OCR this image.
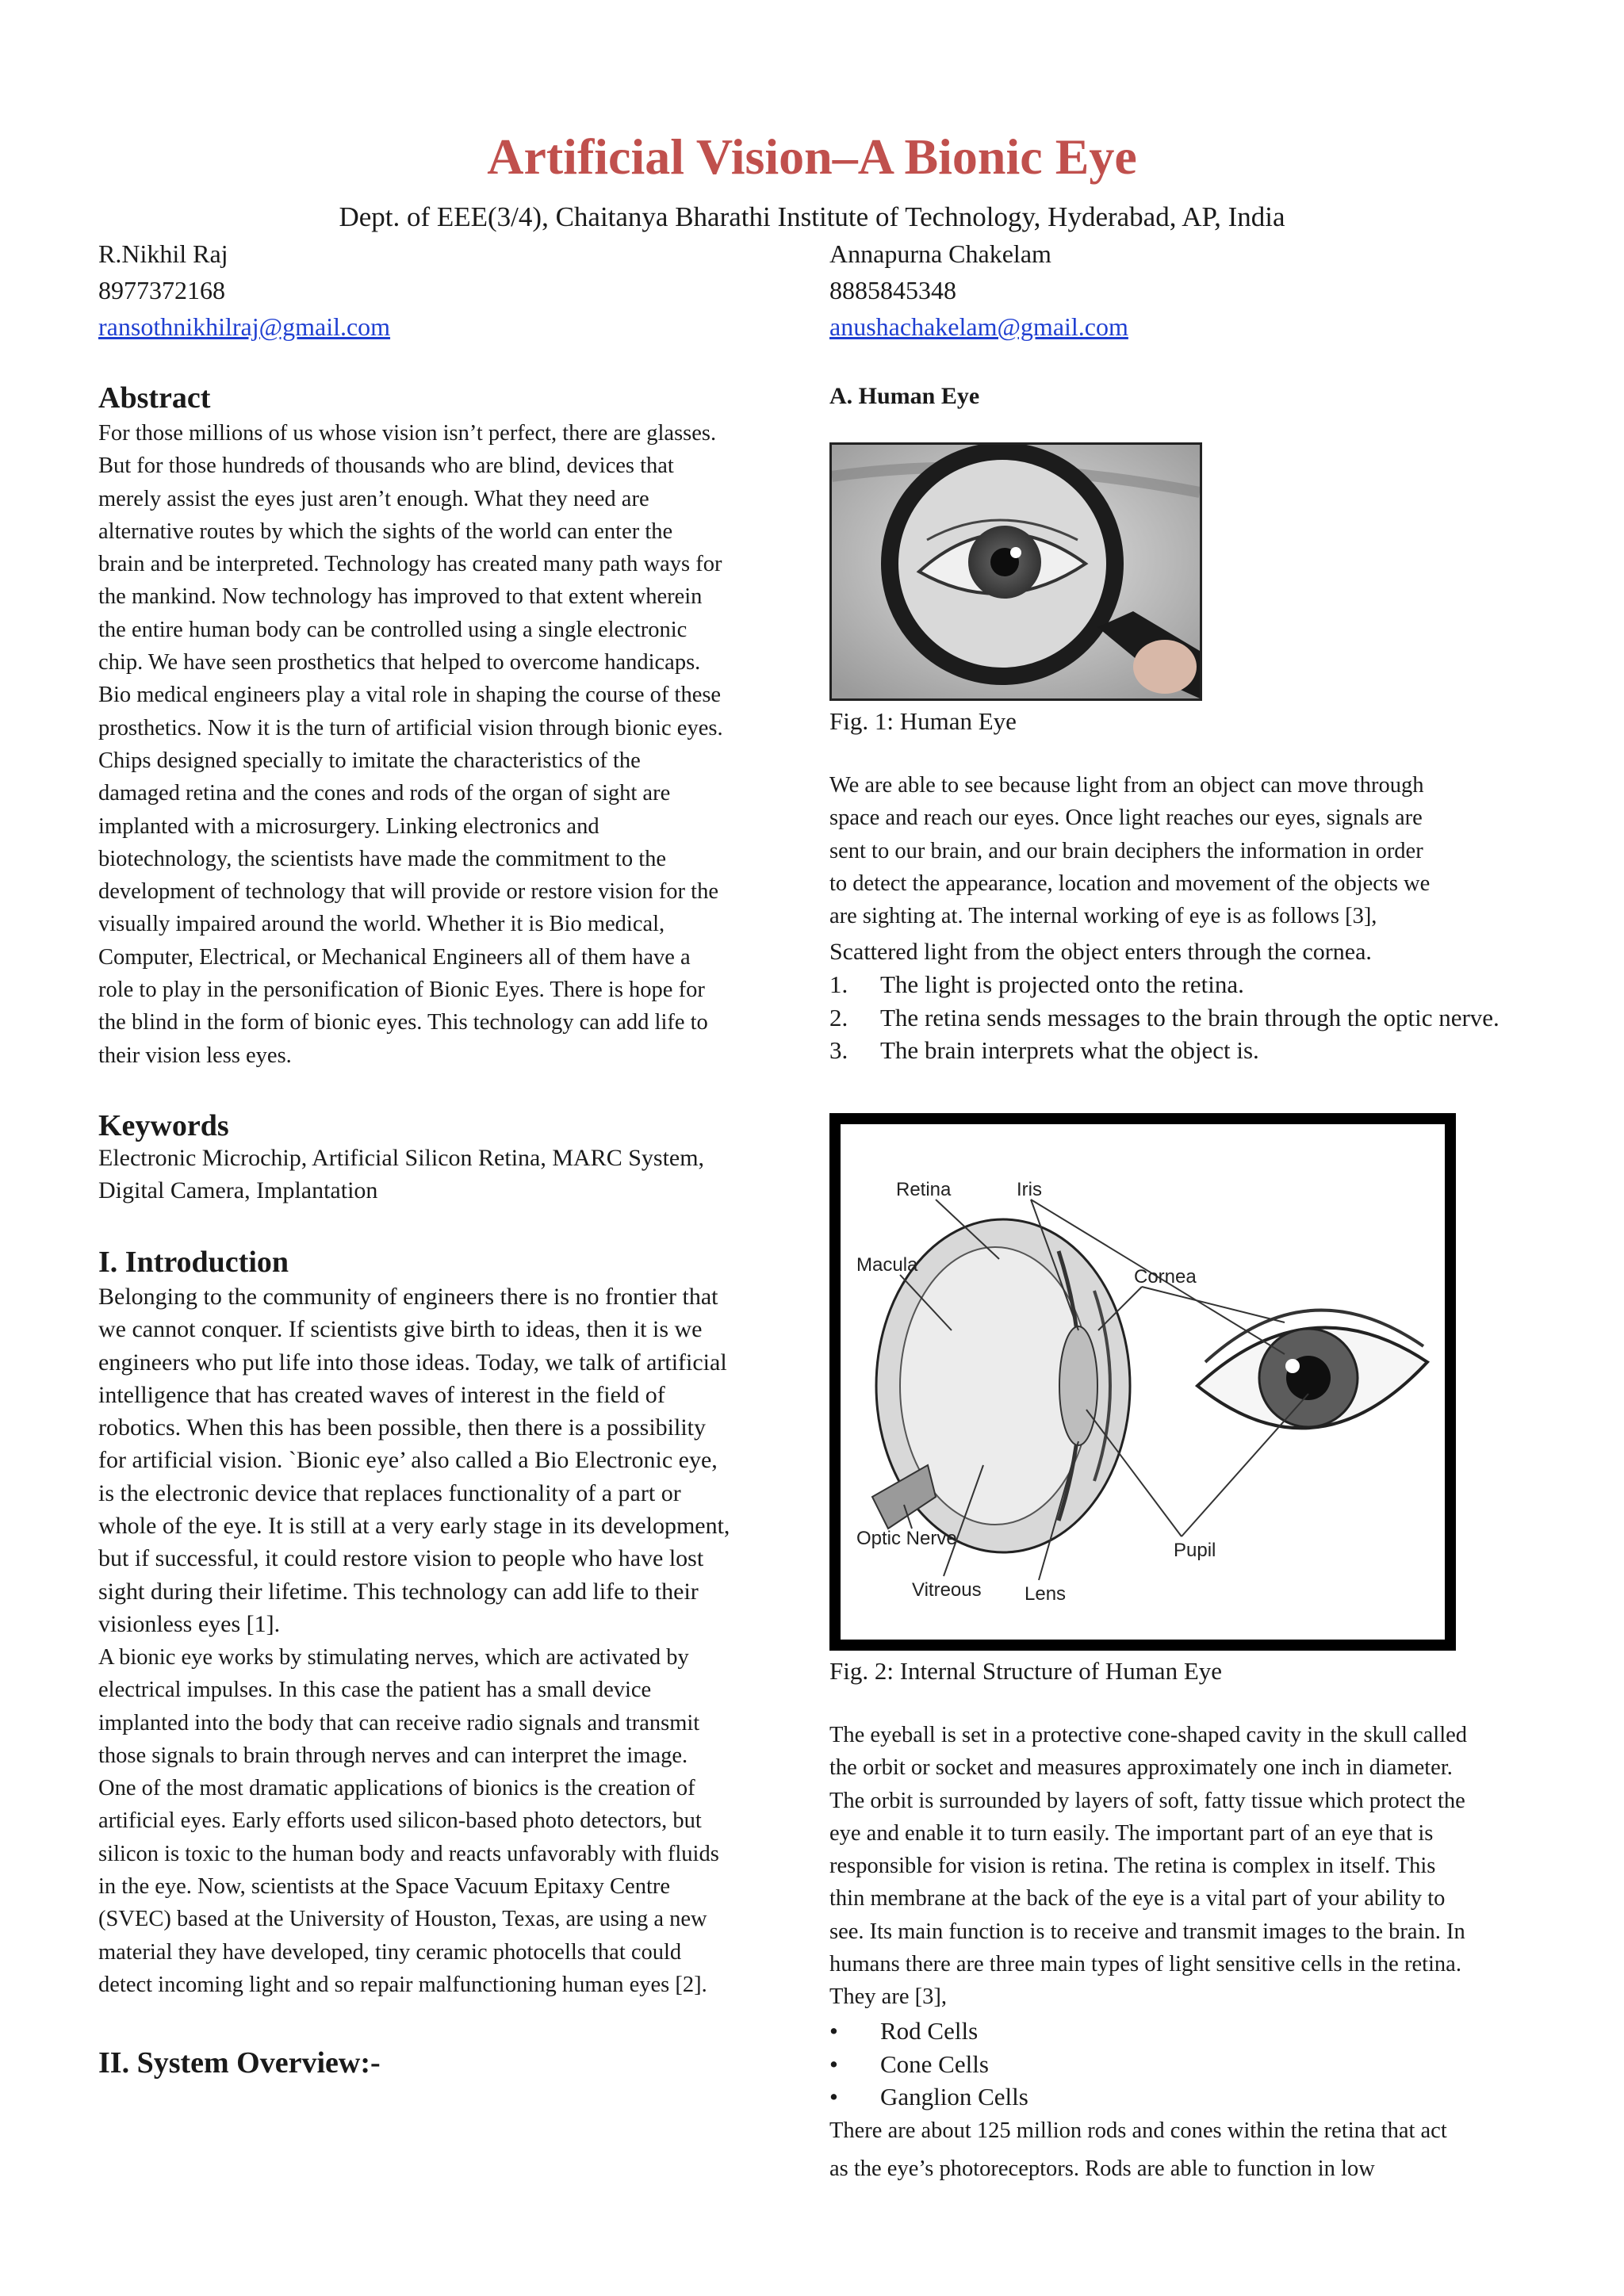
Artificial Vision–A Bionic Eye
Dept. of EEE(3/4), Chaitanya Bharathi Institute of Technology, Hyderabad, AP, India
R.Nikhil Raj
8977372168
ransothnikhilraj@gmail.com
Annapurna Chakelam
8885845348
anushachakelam@gmail.com
Abstract
For those millions of us whose vision isn’t perfect, there are glasses.
But for those hundreds of thousands who are blind, devices that
merely assist the eyes just aren’t enough. What they need are
alternative routes by which the sights of the world can enter the
brain and be interpreted. Technology has created many path ways for
the mankind. Now technology has improved to that extent wherein
the entire human body can be controlled using a single electronic
chip. We have seen prosthetics that helped to overcome handicaps.
Bio medical engineers play a vital role in shaping the course of these
prosthetics. Now it is the turn of artificial vision through bionic eyes.
Chips designed specially to imitate the characteristics of the
damaged retina and the cones and rods of the organ of sight are
implanted with a microsurgery. Linking electronics and
biotechnology, the scientists have made the commitment to the
development of technology that will provide or restore vision for the
visually impaired around the world. Whether it is Bio medical,
Computer, Electrical, or Mechanical Engineers all of them have a
role to play in the personification of Bionic Eyes. There is hope for
the blind in the form of bionic eyes. This technology can add life to
their vision less eyes.
Keywords
Electronic Microchip, Artificial Silicon Retina, MARC System,
Digital Camera, Implantation
I. Introduction
Belonging to the community of engineers there is no frontier that
we cannot conquer. If scientists give birth to ideas, then it is we
engineers who put life into those ideas. Today, we talk of artificial
intelligence that has created waves of interest in the field of
robotics. When this has been possible, then there is a possibility
for artificial vision. `Bionic eye’ also called a Bio Electronic eye,
is the electronic device that replaces functionality of a part or
whole of the eye. It is still at a very early stage in its development,
but if successful, it could restore vision to people who have lost
sight during their lifetime. This technology can add life to their
visionless eyes [1].
A bionic eye works by stimulating nerves, which are activated by
electrical impulses. In this case the patient has a small device
implanted into the body that can receive radio signals and transmit
those signals to brain through nerves and can interpret the image.
One of the most dramatic applications of bionics is the creation of
artificial eyes. Early efforts used silicon-based photo detectors, but
silicon is toxic to the human body and reacts unfavorably with fluids
in the eye. Now, scientists at the Space Vacuum Epitaxy Centre
(SVEC) based at the University of Houston, Texas, are using a new
material they have developed, tiny ceramic photocells that could
detect incoming light and so repair malfunctioning human eyes [2].
II. System Overview:-
A. Human Eye
Fig. 1: Human Eye
We are able to see because light from an object can move through
space and reach our eyes. Once light reaches our eyes, signals are
sent to our brain, and our brain deciphers the information in order
to detect the appearance, location and movement of the objects we
are sighting at. The internal working of eye is as follows [3],
Scattered light from the object enters through the cornea.
1. The light is projected onto the retina.
2. The retina sends messages to the brain through the optic nerve.
3. The brain interprets what the object is.
Retina	Iris
Macula
Cornea
Optic Nerve
Pupil
Vitreous Lens
Fig. 2: Internal Structure of Human Eye
The eyeball is set in a protective cone-shaped cavity in the skull called
the orbit or socket and measures approximately one inch in diameter.
The orbit is surrounded by layers of soft, fatty tissue which protect the
eye and enable it to turn easily. The important part of an eye that is
responsible for vision is retina. The retina is complex in itself. This
thin membrane at the back of the eye is a vital part of your ability to
see. Its main function is to receive and transmit images to the brain. In
humans there are three main types of light sensitive cells in the retina.
They are [3],
• Rod Cells
• Cone Cells
• Ganglion Cells
There are about 125 million rods and cones within the retina that act
as the eye’s photoreceptors. Rods are able to function in low
